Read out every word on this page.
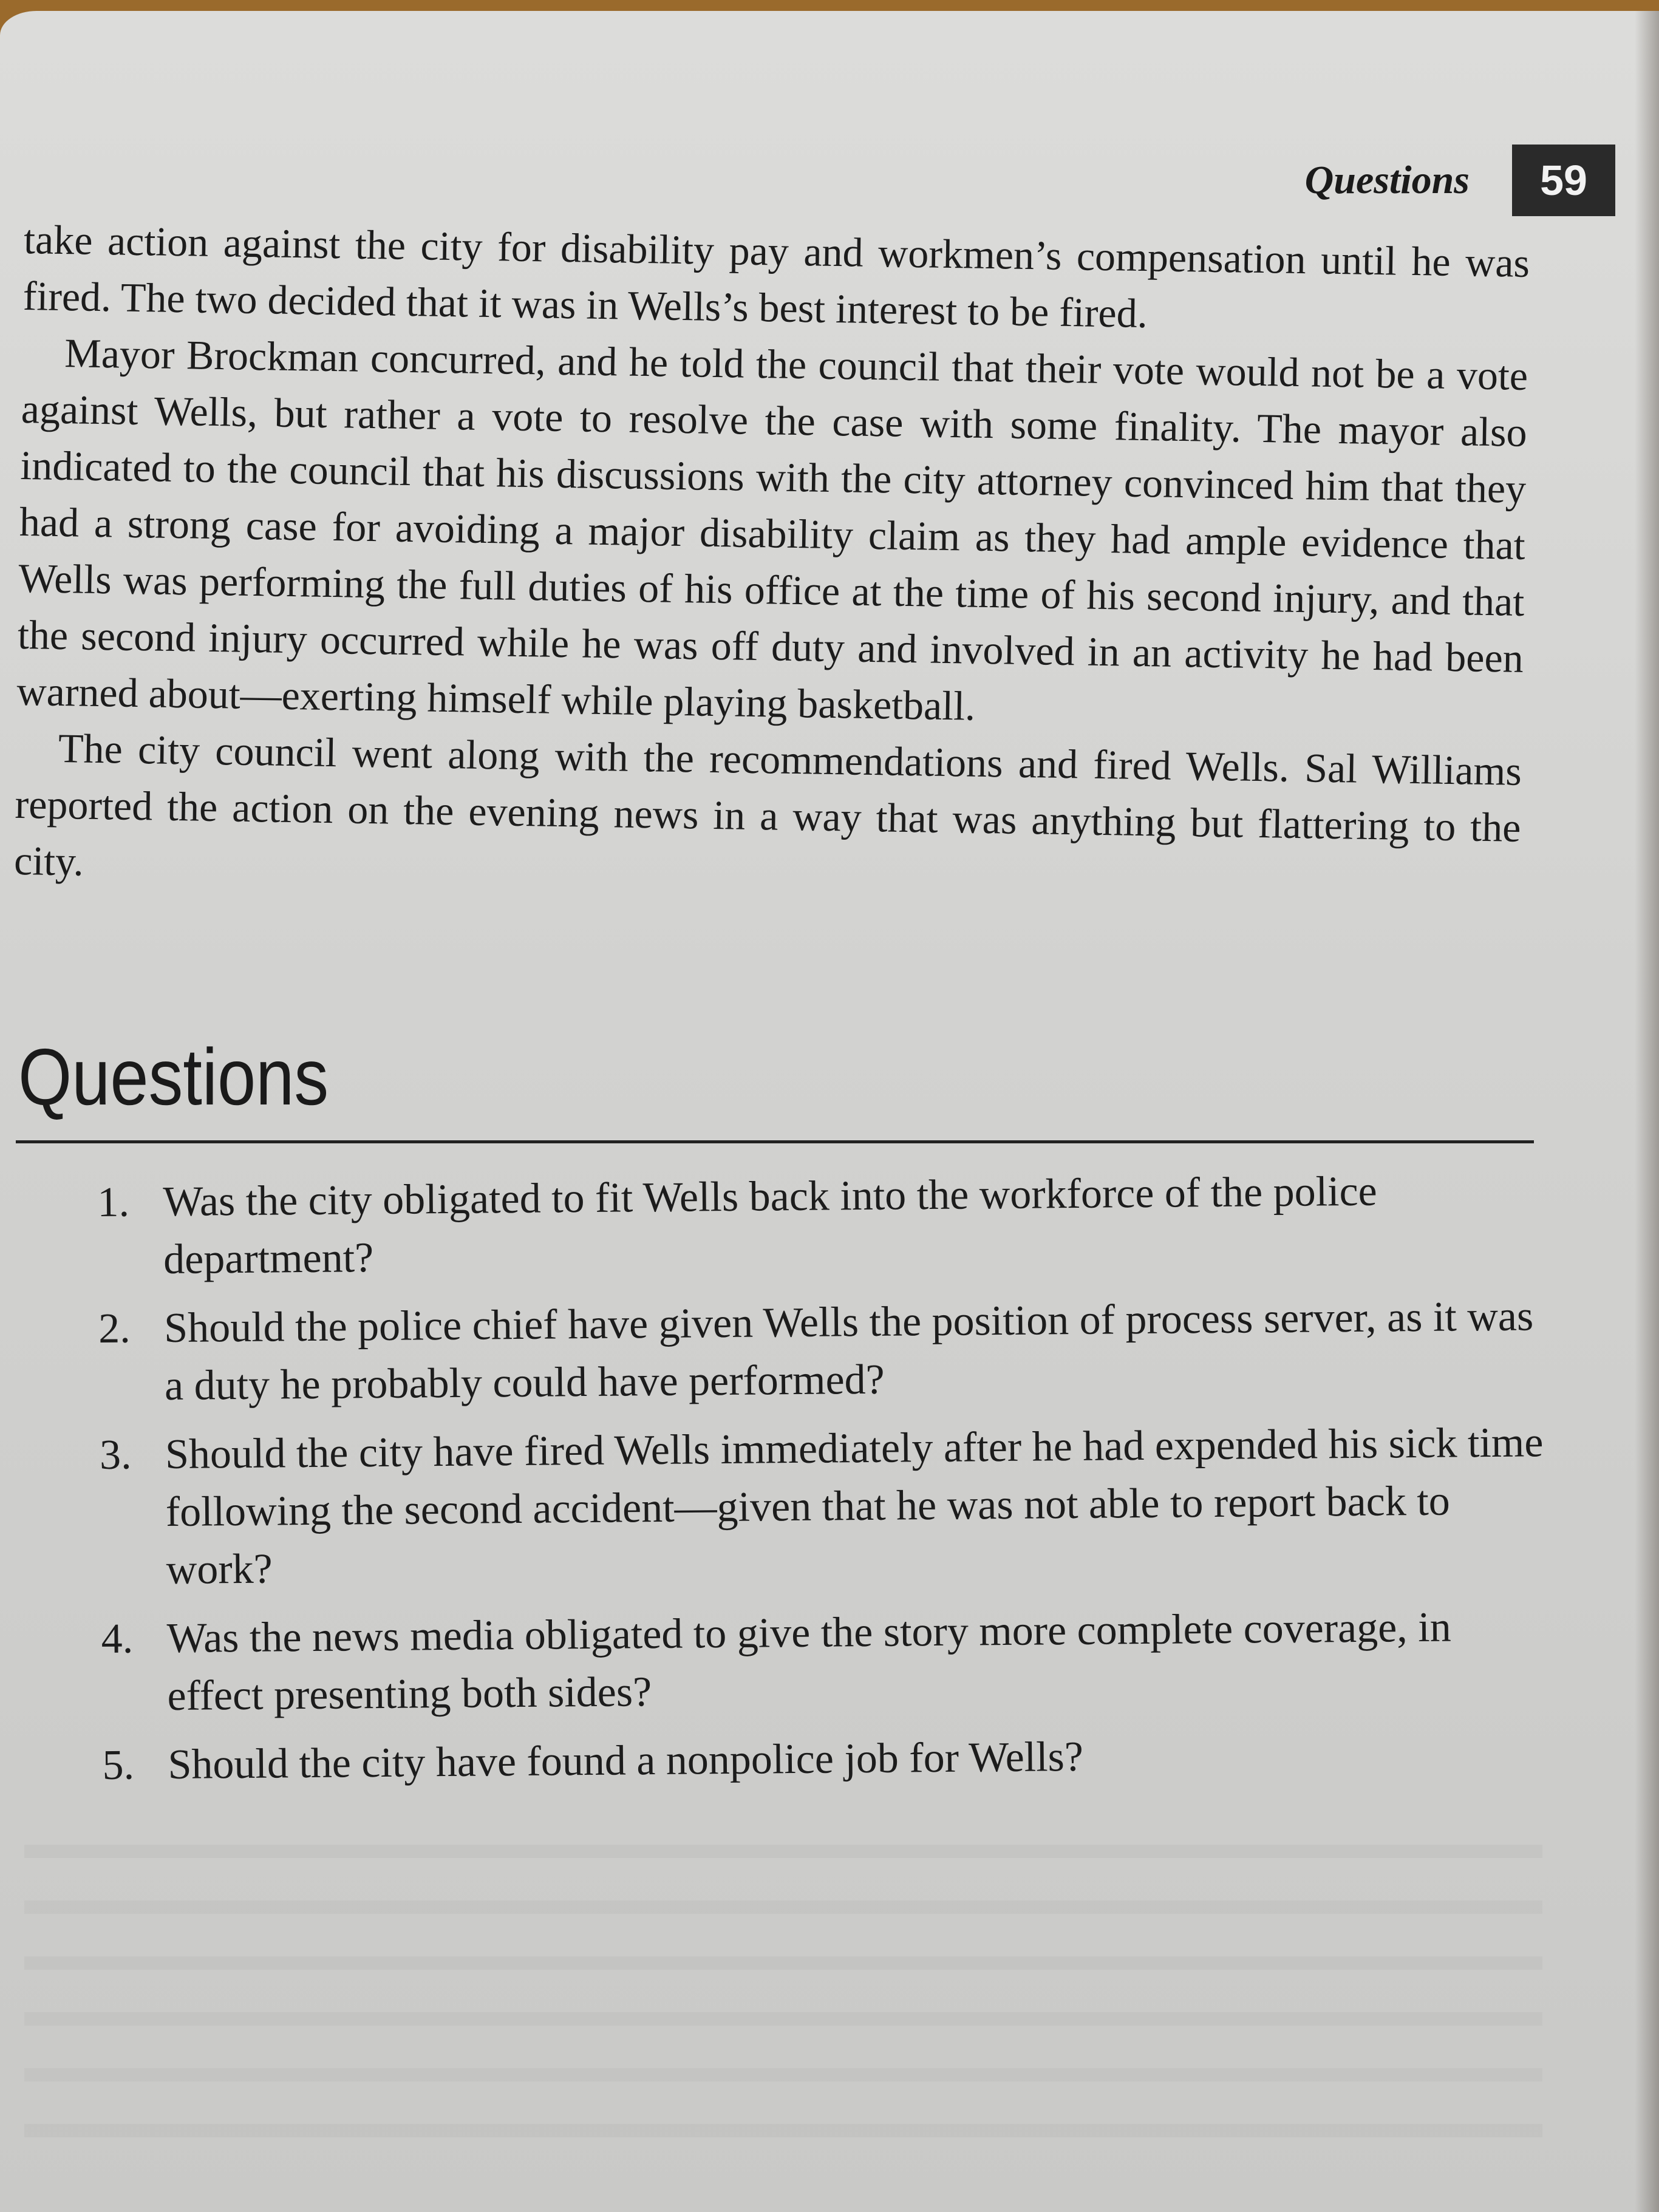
Questions	59

take action against the city for disability pay and workmen’s compensation until he was fired. The two decided that it was in Wells’s best interest to be fired.

Mayor Brockman concurred, and he told the council that their vote would not be a vote against Wells, but rather a vote to resolve the case with some finality. The mayor also indicated to the council that his discussions with the city attorney convinced him that they had a strong case for avoiding a major disability claim as they had ample evidence that Wells was performing the full duties of his office at the time of his second injury, and that the second injury occurred while he was off duty and involved in an activity he had been warned about—exerting himself while playing basketball.

The city council went along with the recommendations and fired Wells. Sal Williams reported the action on the evening news in a way that was anything but flattering to the city.

Questions
1. Was the city obligated to fit Wells back into the workforce of the police department?
2. Should the police chief have given Wells the position of process server, as it was a duty he probably could have performed?
3. Should the city have fired Wells immediately after he had expended his sick time following the second accident—given that he was not able to report back to work?
4. Was the news media obligated to give the story more complete coverage, in effect presenting both sides?
5. Should the city have found a nonpolice job for Wells?
